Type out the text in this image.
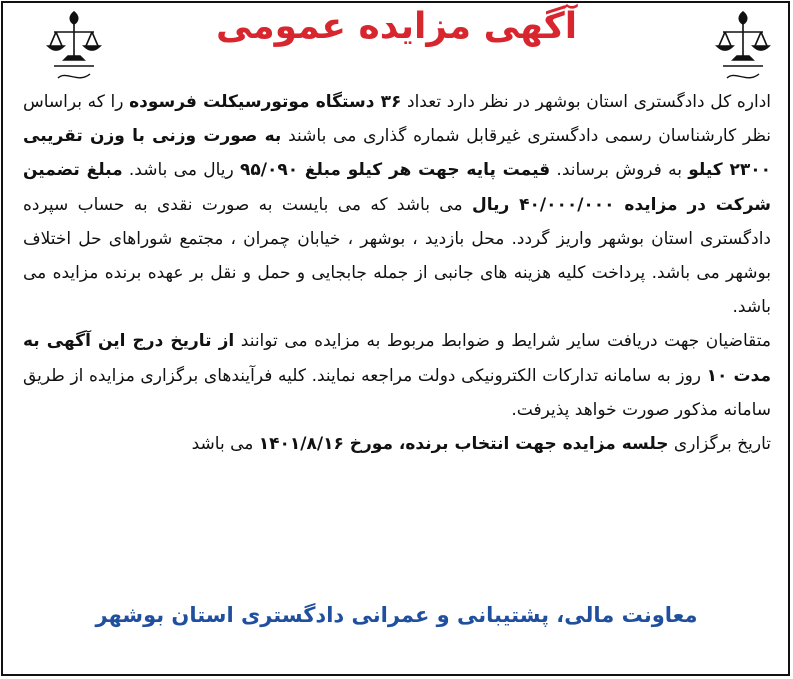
آگهی مزایده عمومی

اداره کل دادگستری استان بوشهر در نظر دارد تعداد ۳۶ دستگاه موتورسیکلت فرسوده را که براساس نظر کارشناسان رسمی دادگستری غیرقابل شماره گذاری می باشند به صورت وزنی با وزن تقریبی ۲۳۰۰ کیلو به فروش برساند. قیمت پایه جهت هر کیلو مبلغ ۹۵/۰۹۰ ریال می باشد. مبلغ تضمین شرکت در مزایده ۴۰/۰۰۰/۰۰۰ ریال می باشد که می بایست به صورت نقدی به حساب سپرده دادگستری استان بوشهر واریز گردد. محل بازدید ، بوشهر ، خیابان چمران ، مجتمع شوراهای حل اختلاف بوشهر می باشد. پرداخت کلیه هزینه های جانبی از جمله جابجایی و حمل و نقل بر عهده برنده مزایده می باشد.

متقاضیان جهت دریافت سایر شرایط و ضوابط مربوط به مزایده می توانند از تاریخ درج این آگهی به مدت ۱۰ روز به سامانه تدارکات الکترونیکی دولت مراجعه نمایند. کلیه فرآیندهای برگزاری مزایده از طریق سامانه مذکور صورت خواهد پذیرفت.

تاریخ برگزاری جلسه مزایده جهت انتخاب برنده، مورخ ۱۴۰۱/۸/۱۶ می باشد

معاونت مالی، پشتیبانی و عمرانی دادگستری استان بوشهر
